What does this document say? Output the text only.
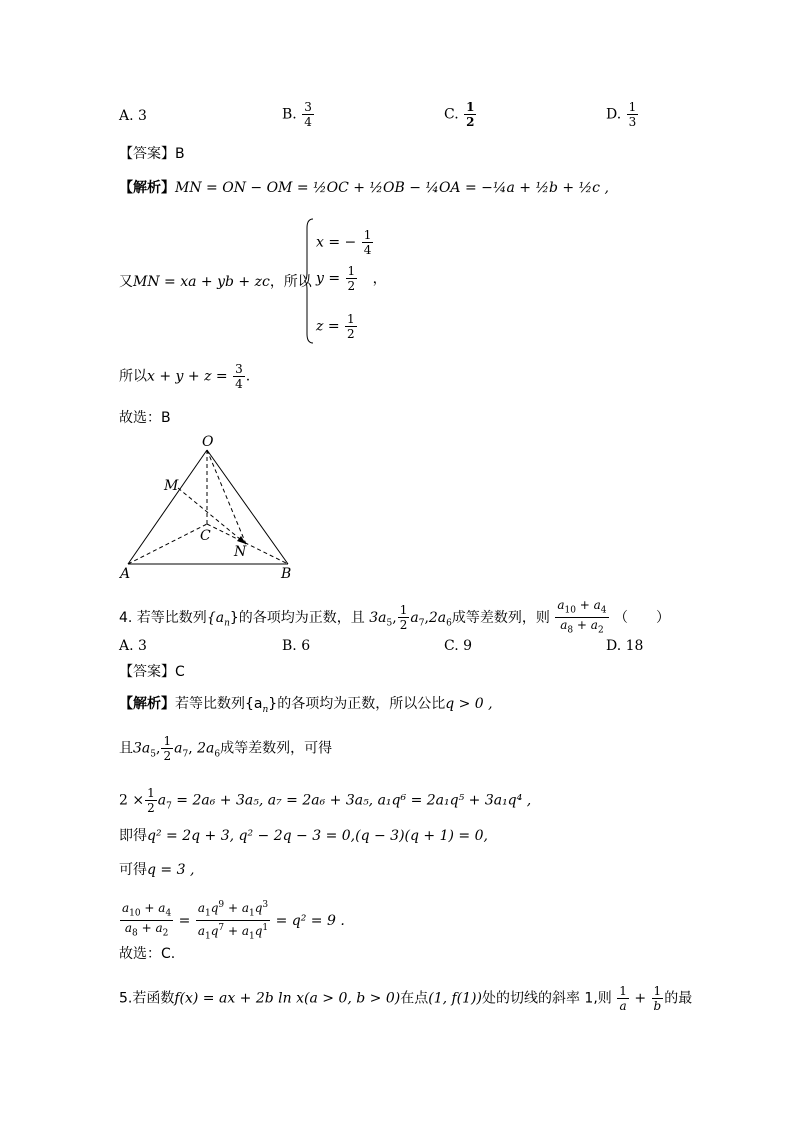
A. 3	B. $\frac{3}{4}$	C. $\frac{1}{2}$	D. $\frac{1}{3}$
【答案】B
【解析】MN = ON − OM = ½OC + ½OB − ¼OA = −¼a + ½b + ½c ,
又MN = xa + yb + zc，所以
x = − $\frac{1}{4}$
$y = \frac{1}{2}$ ，
$z = \frac{1}{2}$
所以$x + y + z = \frac{3}{4}$ .
故选：B
O
M
C
N
A	B
4. 若等比数列$\{a_n\}$的各项均为正数，且 $3a_5$, $\frac{1}{2} a_7,2a_6$成等差数列，则 $\frac{a_{10} + a_4}{a_8 + a_2}$ （　　）
A. 3	B. 6	C. 9	D. 18
【答案】C
【解析】若等比数列$\{a_n\}$的各项均为正数，所以公比q > 0 ,
且$3a_5$, $\frac{1}{2} a_7$, $2a_6$成等差数列，可得
$2 \times \frac{1}{2} a_7 = 2a_6 + 3a_5$, a₇ = 2a₆ + 3a₅, a₁q⁶ = 2a₁q⁵ + 3a₁q⁴ ,
即得q² = 2q + 3, q² − 2q − 3 = 0,(q − 3)(q + 1) = 0,
可得q = 3 ,
$\frac{a_{10} + a_4}{a_8 + a_2} = \frac{a_1q^9 + a_1q^3}{a_1q^7 + a_1q^1} = q^2 = 9$ .
故选：C.
5.若函数f(x) = ax + 2b ln x(a > 0, b > 0)在点(1, f(1))处的切线的斜率 1,则 $\frac{1}{a} + \frac{1}{b}$ 的最
